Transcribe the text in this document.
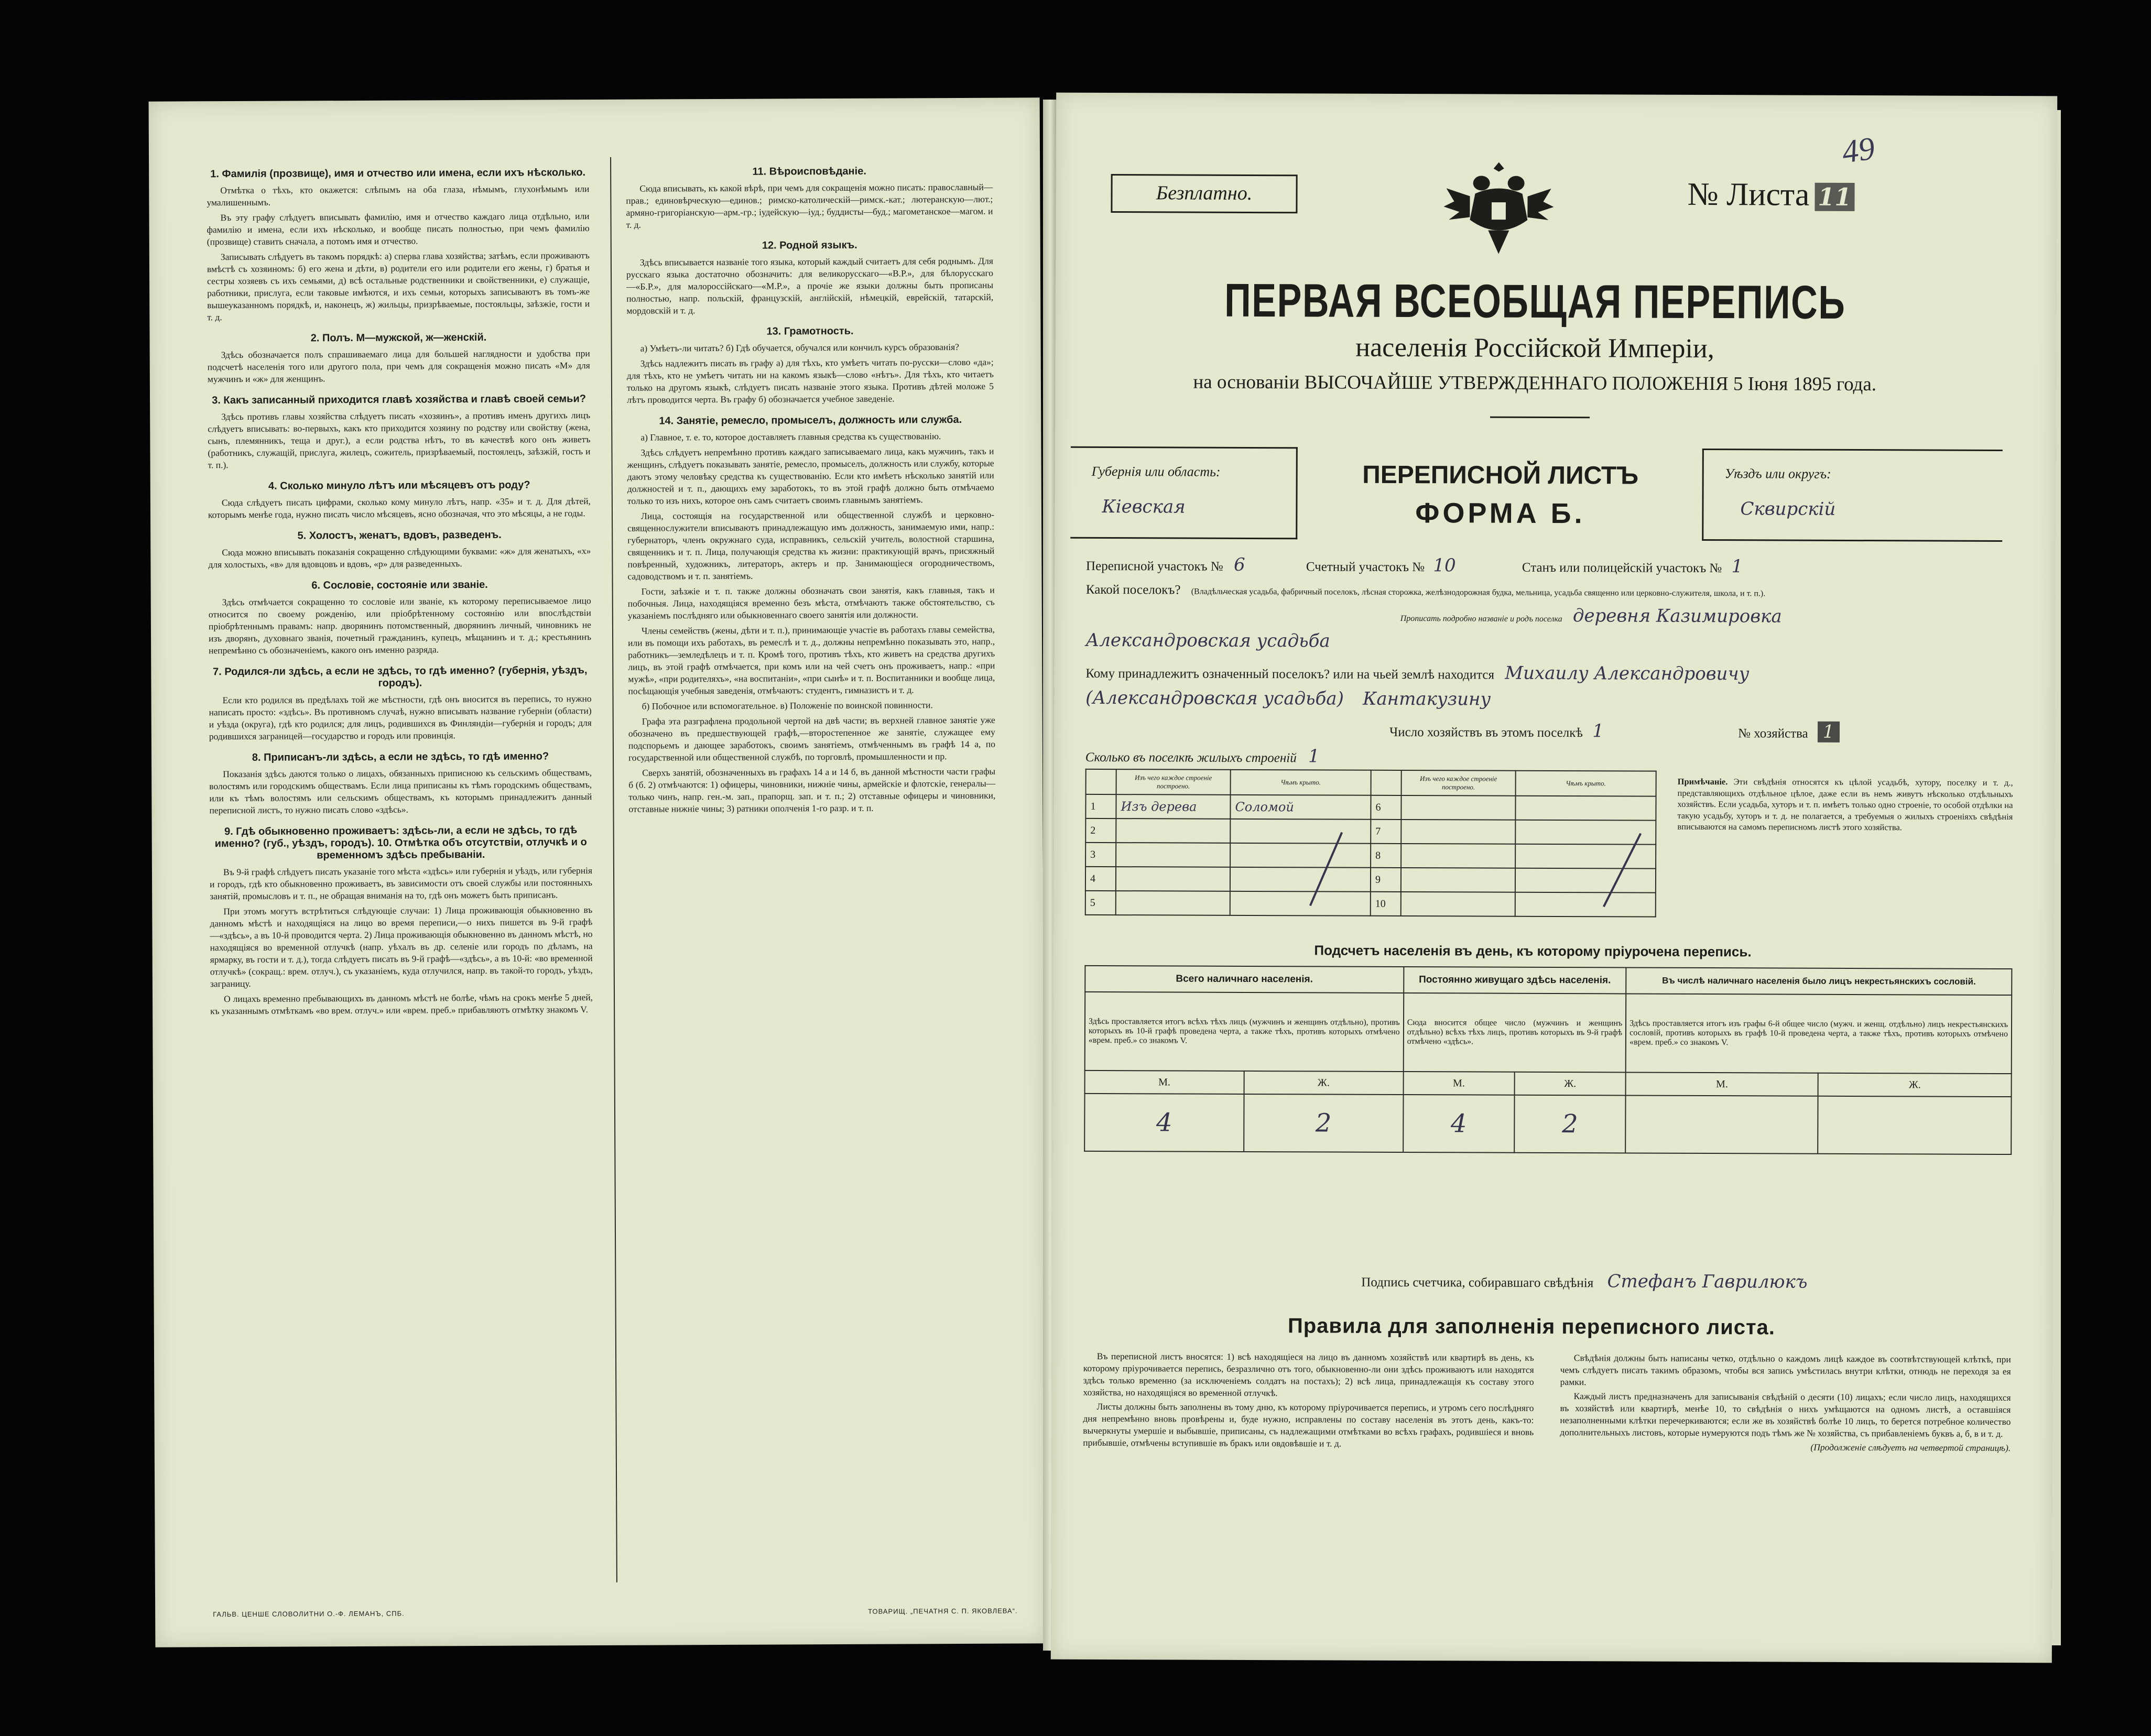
1. Фамилія (прозвище), имя и отчество или имена, если ихъ нѣсколько.

Отмѣтка о тѣхъ, кто окажется: слѣпымъ на оба глаза, нѣмымъ, глухонѣмымъ или умалишеннымъ.

Въ эту графу слѣдуетъ вписывать фамилію, имя и отчество каждаго лица отдѣльно, или фамилію и имена, если ихъ нѣсколько, и вообще писать полностью, при чемъ фамилію (прозвище) ставить сначала, а потомъ имя и отчество.

Записывать слѣдуетъ въ такомъ порядкѣ: а) сперва глава хозяйства; затѣмъ, если проживаютъ вмѣстѣ съ хозяиномъ: б) его жена и дѣти, в) родители его или родители его жены, г) братья и сестры хозяевъ съ ихъ семьями, д) всѣ остальные родственники и свойственники, е) служащіе, работники, прислуга, если таковые имѣются, и ихъ семьи, которыхъ записываютъ въ томъ-же вышеуказанномъ порядкѣ, и, наконецъ, ж) жильцы, призрѣваемые, постояльцы, заѣзжіе, гости и т. д.

2. Полъ. М—мужской, ж—женскій.

Здѣсь обозначается полъ спрашиваемаго лица для большей наглядности и удобства при подсчетѣ населенія того или другого пола, при чемъ для сокращенія можно писать «М» для мужчинъ и «ж» для женщинъ.

3. Какъ записанный приходится главѣ хозяйства и главѣ своей семьи?

Здѣсь противъ главы хозяйства слѣдуетъ писать «хозяинъ», а противъ именъ другихъ лицъ слѣдуетъ вписывать: во-первыхъ, какъ кто приходится хозяину по родству или свойству (жена, сынъ, племянникъ, теща и друг.), а если родства нѣтъ, то въ качествѣ кого онъ живетъ (работникъ, служащій, прислуга, жилецъ, сожитель, призрѣваемый, постоялецъ, заѣзжій, гость и т. п.).

4. Сколько минуло лѣтъ или мѣсяцевъ отъ роду?

Сюда слѣдуетъ писать цифрами, сколько кому минуло лѣтъ, напр. «35» и т. д. Для дѣтей, которымъ менѣе года, нужно писать число мѣсяцевъ, ясно обозначая, что это мѣсяцы, а не годы.

5. Холостъ, женатъ, вдовъ, разведенъ.

Сюда можно вписывать показанія сокращенно слѣдующими буквами: «ж» для женатыхъ, «х» для холостыхъ, «в» для вдовцовъ и вдовъ, «р» для разведенныхъ.

6. Сословіе, состояніе или званіе.

Здѣсь отмѣчается сокращенно то сословіе или званіе, къ которому переписываемое лицо относится по своему рожденію, или пріобрѣтенному состоянію или впослѣдствіи пріобрѣтеннымъ правамъ: напр. дворянинъ потомственный, дворянинъ личный, чиновникъ не изъ дворянъ, духовнаго званія, почетный гражданинъ, купецъ, мѣщанинъ и т. д.; крестьянинъ непремѣнно съ обозначеніемъ, какого онъ именно разряда.

7. Родился-ли здѣсь, а если не здѣсь, то гдѣ именно? (губернія, уѣздъ, городъ).

Если кто родился въ предѣлахъ той же мѣстности, гдѣ онъ вносится въ перепись, то нужно написать просто: «здѣсь». Въ противномъ случаѣ, нужно вписывать название губерніи (области) и уѣзда (округа), гдѣ кто родился; для лицъ, родившихся въ Финляндіи—губернія и городъ; для родившихся заграницей—государство и городъ или провинція.

8. Приписанъ-ли здѣсь, а если не здѣсь, то гдѣ именно?

Показанія здѣсь даются только о лицахъ, обязанныхъ приписною къ сельскимъ обществамъ, волостямъ или городскимъ обществамъ. Если лица приписаны къ тѣмъ городскимъ обществамъ, или къ тѣмъ волостямъ или сельскимъ обществамъ, къ которымъ принадлежитъ данный переписной листъ, то нужно писать слово «здѣсь».

9. Гдѣ обыкновенно проживаетъ: здѣсь-ли, а если не здѣсь, то гдѣ именно? (губ., уѣздъ, городъ). 10. Отмѣтка объ отсутствіи, отлучкѣ и о временномъ здѣсь пребываніи.

Въ 9-й графѣ слѣдуетъ писать указаніе того мѣста «здѣсь» или губернія и уѣздъ, или губернія и городъ, гдѣ кто обыкновенно проживаетъ, въ зависимости отъ своей службы или постоянныхъ занятій, промысловъ и т. п., не обращая вниманія на то, гдѣ онъ можетъ быть приписанъ.

При этомъ могутъ встрѣтиться слѣдующіе случаи: 1) Лица проживающія обыкновенно въ данномъ мѣстѣ и находящіяся на лицо во время переписи,—о нихъ пишется въ 9-й графѣ—«здѣсь», а въ 10-й проводится черта. 2) Лица проживающія обыкновенно въ данномъ мѣстѣ, но находящіяся во временной отлучкѣ (напр. уѣхалъ въ др. селеніе или городъ по дѣламъ, на ярмарку, въ гости и т. д.), тогда слѣдуетъ писать въ 9-й графѣ—«здѣсь», а въ 10-й: «во временной отлучкѣ» (сокращ.: врем. отлуч.), съ указаніемъ, куда отлучился, напр. въ такой-то городъ, уѣздъ, заграницу.

О лицахъ временно пребывающихъ въ данномъ мѣстѣ не болѣе, чѣмъ на срокъ менѣе 5 дней, къ указаннымъ отмѣткамъ «во врем. отлуч.» или «врем. преб.» прибавляютъ отмѣтку знакомъ V.

11. Вѣроисповѣданіе.

Сюда вписывать, къ какой вѣрѣ, при чемъ для сокращенія можно писать: православный—прав.; единовѣрческую—единов.; римско-католическій—римск.-кат.; лютеранскую—лют.; армяно-григоріанскую—арм.-гр.; іудейскую—іуд.; буддисты—буд.; магометанское—магом. и т. д.

12. Родной языкъ.

Здѣсь вписывается названіе того языка, который каждый считаетъ для себя роднымъ. Для русскаго языка достаточно обозначить: для великорусскаго—«В.Р.», для бѣлорусскаго—«Б.Р.», для малороссійскаго—«М.Р.», а прочіе же языки должны быть прописаны полностью, напр. польскій, французскій, англійскій, нѣмецкій, еврейскій, татарскій, мордовскій и т. д.

13. Грамотность.

а) Умѣетъ-ли читать? б) Гдѣ обучается, обучался или кончилъ курсъ образованія?

Здѣсь надлежитъ писать въ графу а) для тѣхъ, кто умѣетъ читать по-русски—слово «да»; для тѣхъ, кто не умѣетъ читать ни на какомъ языкѣ—слово «нѣтъ». Для тѣхъ, кто читаетъ только на другомъ языкѣ, слѣдуетъ писать названіе этого языка. Противъ дѣтей моложе 5 лѣтъ проводится черта. Въ графу б) обозначается учебное заведеніе.

14. Занятіе, ремесло, промыселъ, должность или служба.

а) Главное, т. е. то, которое доставляетъ главныя средства къ существованію.

Здѣсь слѣдуетъ непремѣнно противъ каждаго записываемаго лица, какъ мужчинъ, такъ и женщинъ, слѣдуетъ показывать занятіе, ремесло, промыселъ, должность или службу, которые даютъ этому человѣку средства къ существованію. Если кто имѣетъ нѣсколько занятій или должностей и т. п., дающихъ ему заработокъ, то въ этой графѣ должно быть отмѣчаемо только то изъ нихъ, которое онъ самъ считаетъ своимъ главнымъ занятіемъ.

Лица, состоящія на государственной или общественной службѣ и церковно-священнослужители вписываютъ принадлежащую имъ должность, занимаемую ими, напр.: губернаторъ, членъ окружнаго суда, исправникъ, сельскій учитель, волостной старшина, священникъ и т. п. Лица, получающія средства къ жизни: практикующій врачъ, присяжный повѣренный, художникъ, литераторъ, актеръ и пр. Занимающіеся огородничествомъ, садоводствомъ и т. п. занятіемъ.

Гости, заѣзжіе и т. п. также должны обозначать свои занятія, какъ главныя, такъ и побочныя. Лица, находящіяся временно безъ мѣста, отмѣчаютъ также обстоятельство, съ указаніемъ послѣдняго или обыкновеннаго своего занятія или должности.

Члены семействъ (жены, дѣти и т. п.), принимающіе участіе въ работахъ главы семейства, или въ помощи ихъ работахъ, въ ремеслѣ и т. д., должны непремѣнно показывать это, напр., работникъ—земледѣлецъ и т. п. Кромѣ того, противъ тѣхъ, кто живетъ на средства другихъ лицъ, въ этой графѣ отмѣчается, при комъ или на чей счетъ онъ проживаетъ, напр.: «при мужѣ», «при родителяхъ», «на воспитаніи», «при сынѣ» и т. п. Воспитанники и вообще лица, посѣщающія учебныя заведенія, отмѣчаютъ: студентъ, гимназистъ и т. д.

б) Побочное или вспомогательное. в) Положеніе по воинской повинности.

Графа эта разграфлена продольной чертой на двѣ части; въ верхней главное занятіе уже обозначено въ предшествующей графѣ,—второстепенное же занятіе, служащее ему подспорьемъ и дающее заработокъ, своимъ занятіемъ, отмѣченнымъ въ графѣ 14 а, по государственной или общественной службѣ, по торговлѣ, промышленности и пр.

Сверхъ занятій, обозначенныхъ въ графахъ 14 а и 14 б, въ данной мѣстности части графы б (б. 2) отмѣчаются: 1) офицеры, чиновники, нижніе чины, армейскіе и флотскіе, генералы—только чинъ, напр. ген.-м. зап., прапорщ. зап. и т. п.; 2) отставные офицеры и чиновники, отставные нижніе чины; 3) ратники ополченія 1-го разр. и т. п.

ГАЛЬВ. ЦЕНШЕ СЛОВОЛИТНИ О.-Ф. ЛЕМАНЪ, СПБ.	ТОВАРИЩ. „ПЕЧАТНЯ С. П. ЯКОВЛЕВА“.
49
Безплатно.	№ Листа 11
ПЕРВАЯ ВСЕОБЩАЯ ПЕРЕПИСЬ
населенія Россійской Имперіи,
на основаніи ВЫСОЧАЙШЕ УТВЕРЖДЕННАГО ПОЛОЖЕНІЯ 5 Іюня 1895 года.
Губернія или область:
Кіевская
ПЕРЕПИСНОЙ ЛИСТЪ
ФОРМА Б.
Уѣздъ или округъ:
Сквирскій
Переписной участокъ № 6	Счетный участокъ № 10	Станъ или полицейскій участокъ № 1
Какой поселокъ? (Владѣльческая усадьба, фабричный поселокъ, лѣсная сторожка, желѣзнодорожная будка, мельница, усадьба священно или церковно-служителя, школа, и т. п.).
Прописать подробно названіе и родъ поселка деревня Казимировка
Александровская усадьба
Кому принадлежитъ означенный поселокъ? или на чьей землѣ находится Михаилу Александровичу
(Александровская усадьба) Кантакузину
Число хозяйствъ въ этомъ поселкѣ 1	№ хозяйства 1
Сколько въ поселкѣ жилыхъ строеній 1
	Изъ чего каждое строеніе построено.	Чѣмъ крыто.		Изъ чего каждое строеніе построено.	Чѣмъ крыто.
1	Изъ дерева	Соломой	6		
2			7		
3			8		
4			9		
5			10		
Примѣчаніе. Эти свѣдѣнія относятся къ цѣлой усадьбѣ, хутору, поселку и т. д., представляющихъ отдѣльное цѣлое, даже если въ немъ живутъ нѣсколько отдѣльныхъ хозяйствъ. Если усадьба, хуторъ и т. п. имѣетъ только одно строеніе, то особой отдѣлки на такую усадьбу, хуторъ и т. д. не полагается, а требуемыя о жилыхъ строеніяхъ свѣдѣнія вписываются на самомъ переписномъ листѣ этого хозяйства.
Подсчетъ населенія въ день, къ которому пріурочена перепись.
Всего наличнаго населенія.		Постоянно живущаго здѣсь населенія.		Въ числѣ наличнаго населенія было лицъ некрестьянскихъ сословій.	
Здѣсь проставляется итогъ всѣхъ тѣхъ лицъ (мужчинъ и женщинъ отдѣльно), противъ которыхъ въ 10-й графѣ проведена черта, а также тѣхъ, противъ которыхъ отмѣчено «врем. преб.» со знакомъ V.		Сюда вносится общее число (мужчинъ и женщинъ отдѣльно) всѣхъ тѣхъ лицъ, противъ которыхъ въ 9-й графѣ отмѣчено «здѣсь».		Здѣсь проставляется итогъ изъ графы 6-й общее число (мужч. и женщ. отдѣльно) лицъ некрестьянскихъ сословій, противъ которыхъ въ графѣ 10-й проведена черта, а также тѣхъ, противъ которыхъ отмѣчено «врем. преб.» со знакомъ V.	
М.	Ж.	М.	Ж.	М.	Ж.
4	2	4	2		
Подпись счетчика, собиравшаго свѣдѣнія Стефанъ Гаврилюкъ
Правила для заполненія переписного листа.

Въ переписной листъ вносятся: 1) всѣ находящіеся на лицо въ данномъ хозяйствѣ или квартирѣ въ день, къ которому пріурочивается перепись, безразлично отъ того, обыкновенно-ли они здѣсь проживаютъ или находятся здѣсь только временно (за исключеніемъ солдатъ на постахъ); 2) всѣ лица, принадлежащія къ составу этого хозяйства, но находящіяся во временной отлучкѣ.

Листы должны быть заполнены въ тому дню, къ которому пріурочивается перепись, и утромъ сего послѣдняго дня непремѣнно вновь провѣрены и, буде нужно, исправлены по составу населенія въ этотъ день, какъ-то: вычеркнуты умершіе и выбывшіе, приписаны, съ надлежащими отмѣтками во всѣхъ графахъ, родившіеся и вновь прибывшіе, отмѣчены вступившіе въ бракъ или овдовѣвшіе и т. д.

Свѣдѣнія должны быть написаны четко, отдѣльно о каждомъ лицѣ каждое въ соотвѣтствующей клѣткѣ, при чемъ слѣдуетъ писать такимъ образомъ, чтобы вся запись умѣстилась внутри клѣтки, отнюдь не переходя за ея рамки.

Каждый листъ предназначенъ для записыванія свѣдѣній о десяти (10) лицахъ; если число лицъ, находящихся въ хозяйствѣ или квартирѣ, менѣе 10, то свѣдѣнія о нихъ умѣщаются на одномъ листѣ, а оставшіяся незаполненными клѣтки перечеркиваются; если же въ хозяйствѣ болѣе 10 лицъ, то берется потребное количество дополнительныхъ листовъ, которые нумеруются подъ тѣмъ же № хозяйства, съ прибавленіемъ буквъ а, б, в и т. д.

(Продолженіе слѣдуетъ на четвертой страницѣ).
